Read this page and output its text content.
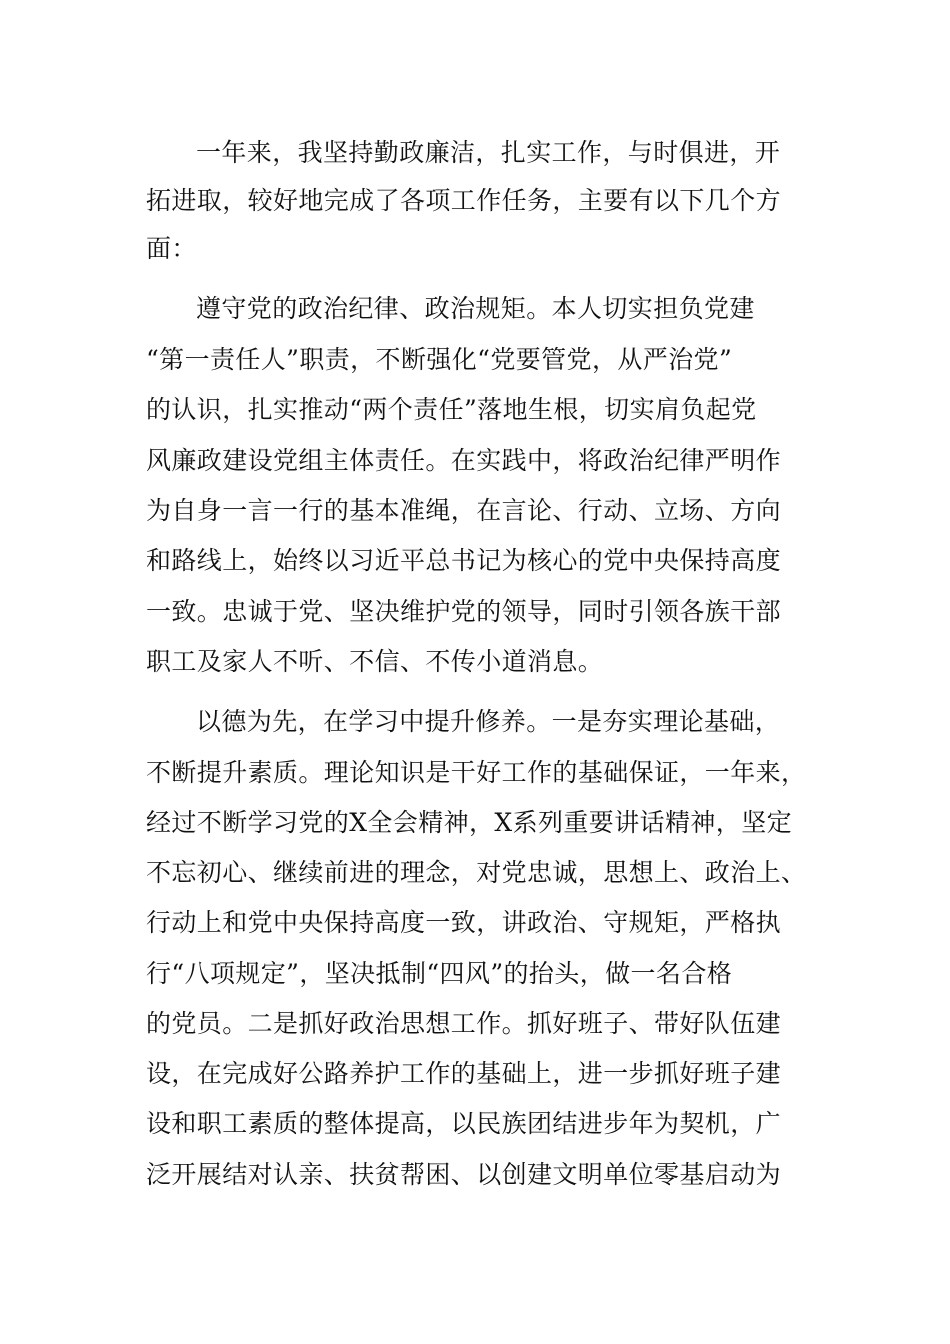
一年来，我坚持勤政廉洁，扎实工作，与时俱进，开

拓进取，较好地完成了各项工作任务，主要有以下几个方

面：

遵守党的政治纪律、政治规矩。本人切实担负党建

“第一责任人”职责，不断强化“党要管党，从严治党”

的认识，扎实推动“两个责任”落地生根，切实肩负起党

风廉政建设党组主体责任。在实践中，将政治纪律严明作

为自身一言一行的基本准绳，在言论、行动、立场、方向

和路线上，始终以习近平总书记为核心的党中央保持高度

一致。忠诚于党、坚决维护党的领导，同时引领各族干部

职工及家人不听、不信、不传小道消息。

以德为先，在学习中提升修养。一是夯实理论基础，

不断提升素质。理论知识是干好工作的基础保证，一年来，

经过不断学习党的X全会精神，X系列重要讲话精神，坚定

不忘初心、继续前进的理念，对党忠诚，思想上、政治上、

行动上和党中央保持高度一致，讲政治、守规矩，严格执

行“八项规定”，坚决抵制“四风”的抬头，做一名合格

的党员。二是抓好政治思想工作。抓好班子、带好队伍建

设，在完成好公路养护工作的基础上，进一步抓好班子建

设和职工素质的整体提高，以民族团结进步年为契机，广

泛开展结对认亲、扶贫帮困、以创建文明单位零基启动为
